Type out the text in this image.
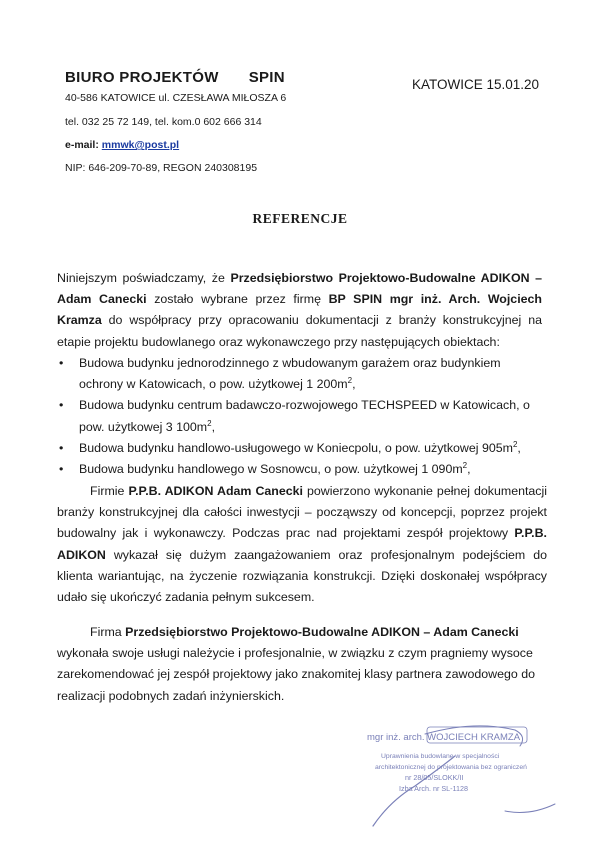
BIURO PROJEKTÓW SPIN
40-586 KATOWICE ul. CZESŁAWA MIŁOSZA 6
tel. 032 25 72 149, tel. kom.0 602 666 314
e-mail: mmwk@post.pl
NIP: 646-209-70-89, REGON 240308195
KATOWICE 15.01.20
REFERENCJE
Niniejszym poświadczamy, że Przedsiębiorstwo Projektowo-Budowalne ADIKON – Adam Canecki zostało wybrane przez firmę BP SPIN mgr inż. Arch. Wojciech Kramza do współpracy przy opracowaniu dokumentacji z branży konstrukcyjnej na etapie projektu budowlanego oraz wykonawczego przy następujących obiektach:
• Budowa budynku jednorodzinnego z wbudowanym garażem oraz budynkiem ochrony w Katowicach, o pow. użytkowej 1 $200m^2$,
• Budowa budynku centrum badawczo-rozwojowego TECHSPEED w Katowicach, o pow. użytkowej 3 $100m^2$,
• Budowa budynku handlowo-usługowego w Koniecpolu, o pow. użytkowej $905m^2$,
• Budowa budynku handlowego w Sosnowcu, o pow. użytkowej 1 $090m^2$,
Firmie P.P.B. ADIKON Adam Canecki powierzono wykonanie pełnej dokumentacji branży konstrukcyjnej dla całości inwestycji – począwszy od koncepcji, poprzez projekt budowalny jak i wykonawczy. Podczas prac nad projektami zespół projektowy P.P.B. ADIKON wykazał się dużym zaangażowaniem oraz profesjonalnym podejściem do klienta wariantując, na życzenie rozwiązania konstrukcji. Dzięki doskonałej współpracy udało się ukończyć zadania pełnym sukcesem.
Firma Przedsiębiorstwo Projektowo-Budowalne ADIKON – Adam Canecki wykonała swoje usługi należycie i profesjonalnie, w związku z czym pragniemy wysoce zarekomendować jej zespół projektowy jako znakomitej klasy partnera zawodowego do realizacji podobnych zadań inżynierskich.
mgr inż. arch. WOJCIECH KRAMZA
Uprawnienia budowlane w specjalności
architektonicznej do projektowania bez ograniczeń
nr 28/05/SLOKK/II
Izba Arch. nr SL-1128
